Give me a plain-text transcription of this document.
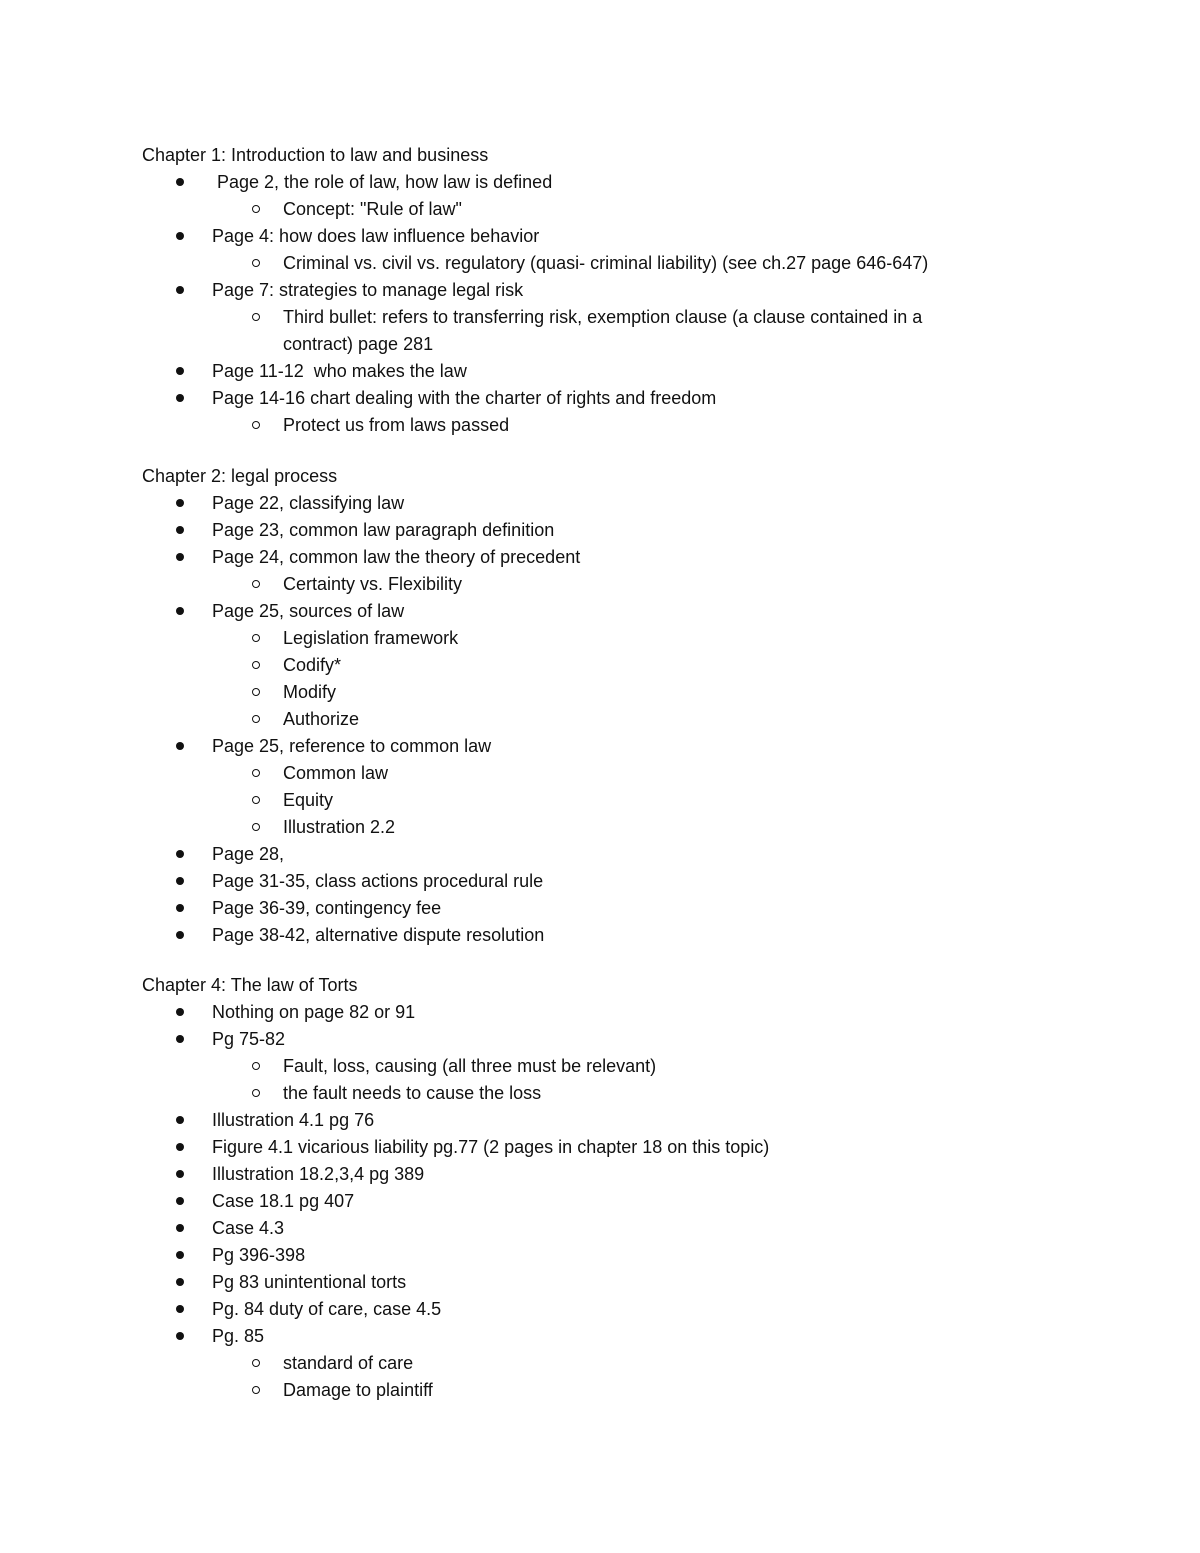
Chapter 1: Introduction to law and business
Page 2, the role of law, how law is defined
Concept: "Rule of law"
Page 4: how does law influence behavior
Criminal vs. civil vs. regulatory (quasi- criminal liability) (see ch.27 page 646-647)
Page 7: strategies to manage legal risk
Third bullet: refers to transferring risk, exemption clause (a clause contained in a contract) page 281
Page 11-12  who makes the law
Page 14-16 chart dealing with the charter of rights and freedom
Protect us from laws passed
Chapter 2: legal process
Page 22, classifying law
Page 23, common law paragraph definition
Page 24, common law the theory of precedent
Certainty vs. Flexibility
Page 25, sources of law
Legislation framework
Codify*
Modify
Authorize
Page 25, reference to common law
Common law
Equity
Illustration 2.2
Page 28,
Page 31-35, class actions procedural rule
Page 36-39, contingency fee
Page 38-42, alternative dispute resolution
Chapter 4: The law of Torts
Nothing on page 82 or 91
Pg 75-82
Fault, loss, causing (all three must be relevant)
the fault needs to cause the loss
Illustration 4.1 pg 76
Figure 4.1 vicarious liability pg.77 (2 pages in chapter 18 on this topic)
Illustration 18.2,3,4 pg 389
Case 18.1 pg 407
Case 4.3
Pg 396-398
Pg 83 unintentional torts
Pg. 84 duty of care, case 4.5
Pg. 85
standard of care
Damage to plaintiff
